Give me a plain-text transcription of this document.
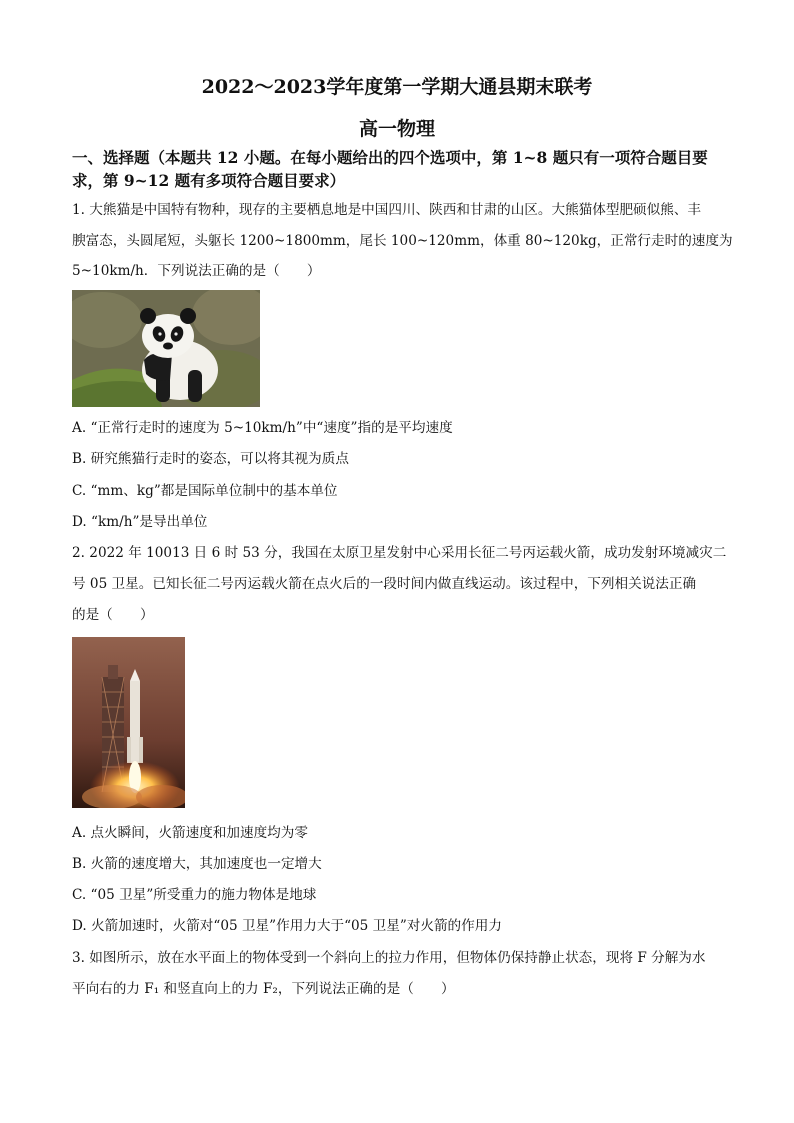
2022～2023学年度第一学期大通县期末联考
高一物理
一、选择题（本题共 12 小题。在每小题给出的四个选项中，第 1~8 题只有一项符合题目要
求，第 9~12 题有多项符合题目要求）
1. 大熊猫是中国特有物种，现存的主要栖息地是中国四川、陕西和甘肃的山区。大熊猫体型肥硕似熊、丰
腴富态，头圆尾短，头躯长 1200~1800mm，尾长 100~120mm，体重 80~120kg，正常行走时的速度为
5~10km/h．下列说法正确的是（　　）
A. “正常行走时的速度为 5~10km/h”中“速度”指的是平均速度
B. 研究熊猫行走时的姿态，可以将其视为质点
C. “mm、kg”都是国际单位制中的基本单位
D. “km/h”是导出单位
2. 2022 年 10013 日 6 时 53 分，我国在太原卫星发射中心采用长征二号丙运载火箭，成功发射环境减灾二
号 05 卫星。已知长征二号丙运载火箭在点火后的一段时间内做直线运动。该过程中，下列相关说法正确
的是（　　）
A. 点火瞬间，火箭速度和加速度均为零
B. 火箭的速度增大，其加速度也一定增大
C. “05 卫星”所受重力的施力物体是地球
D. 火箭加速时，火箭对“05 卫星”作用力大于“05 卫星”对火箭的作用力
3. 如图所示，放在水平面上的物体受到一个斜向上的拉力作用，但物体仍保持静止状态，现将 F 分解为水
平向右的力 F₁ 和竖直向上的力 F₂，下列说法正确的是（　　）
